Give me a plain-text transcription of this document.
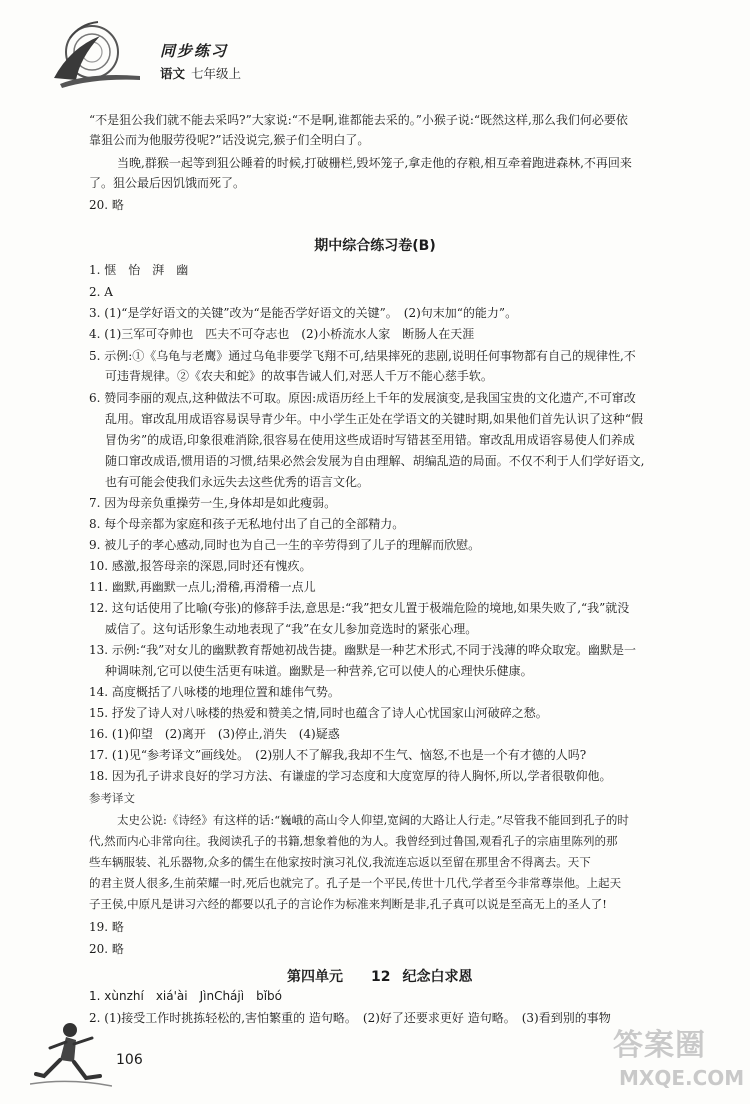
同步练习
语文 七年级上
“不是狙公我们就不能去采吗?”大家说:“不是啊,谁都能去采的。”小猴子说:“既然这样,那么我们何必要依
靠狙公而为他服劳役呢?”话没说完,猴子们全明白了。
当晚,群猴一起等到狙公睡着的时候,打破栅栏,毁坏笼子,拿走他的存粮,相互牵着跑进森林,不再回来
了。狙公最后因饥饿而死了。
20. 略
期中综合练习卷(B)
1. 惬　怡　湃　幽
2. A
3. (1)“是学好语文的关键”改为“是能否学好语文的关键”。　(2)句末加“的能力”。
4. (1)三军可夺帅也　匹夫不可夺志也　(2)小桥流水人家　断肠人在天涯
5. 示例:①《乌龟与老鹰》通过乌龟非要学飞翔不可,结果摔死的悲剧,说明任何事物都有自己的规律性,不
可违背规律。②《农夫和蛇》的故事告诫人们,对恶人千万不能心慈手软。
6. 赞同李丽的观点,这种做法不可取。原因:成语历经上千年的发展演变,是我国宝贵的文化遗产,不可窜改
乱用。窜改乱用成语容易误导青少年。中小学生正处在学语文的关键时期,如果他们首先认识了这种“假
冒伪劣”的成语,印象很难消除,很容易在使用这些成语时写错甚至用错。窜改乱用成语容易使人们养成
随口窜改成语,惯用语的习惯,结果必然会发展为自由理解、胡编乱造的局面。不仅不利于人们学好语文,
也有可能会使我们永远失去这些优秀的语言文化。
7. 因为母亲负重操劳一生,身体却是如此瘦弱。
8. 每个母亲都为家庭和孩子无私地付出了自己的全部精力。
9. 被儿子的孝心感动,同时也为自己一生的辛劳得到了儿子的理解而欣慰。
10. 感激,报答母亲的深恩,同时还有愧疚。
11. 幽默,再幽默一点儿;滑稽,再滑稽一点儿
12. 这句话使用了比喻(夸张)的修辞手法,意思是:“我”把女儿置于极端危险的境地,如果失败了,“我”就没
威信了。这句话形象生动地表现了“我”在女儿参加竞选时的紧张心理。
13. 示例:“我”对女儿的幽默教育帮她初战告捷。幽默是一种艺术形式,不同于浅薄的哗众取宠。幽默是一
种调味剂,它可以使生活更有味道。幽默是一种营养,它可以使人的心理快乐健康。
14. 高度概括了八咏楼的地理位置和雄伟气势。
15. 抒发了诗人对八咏楼的热爱和赞美之情,同时也蕴含了诗人心忧国家山河破碎之愁。
16. (1)仰望　(2)离开　(3)停止,消失　(4)疑惑
17. (1)见“参考译文”画线处。　(2)别人不了解我,我却不生气、恼怒,不也是一个有才德的人吗?
18. 因为孔子讲求良好的学习方法、有谦虚的学习态度和大度宽厚的待人胸怀,所以,学者很敬仰他。
参考译文
太史公说:《诗经》有这样的话:“巍峨的高山令人仰望,宽阔的大路让人行走。”尽管我不能回到孔子的时
代,然而内心非常向往。我阅读孔子的书籍,想象着他的为人。我曾经到过鲁国,观看孔子的宗庙里陈列的那
些车辆服装、礼乐器物,众多的儒生在他家按时演习礼仪,我流连忘返以至留在那里舍不得离去。天下
的君主贤人很多,生前荣耀一时,死后也就完了。孔子是一个平民,传世十几代,学者至今非常尊崇他。上起天
子王侯,中原凡是讲习六经的都要以孔子的言论作为标准来判断是非,孔子真可以说是至高无上的圣人了!
19. 略
20. 略
第四单元 12 纪念白求恩
1. xùnzhí　xiá'ài　JìnChájì　bǐbó
2. (1)接受工作时挑拣轻松的,害怕繁重的 造句略。　(2)好了还要求更好 造句略。　(3)看到别的事物
106	答案圈
MXQE.COM
